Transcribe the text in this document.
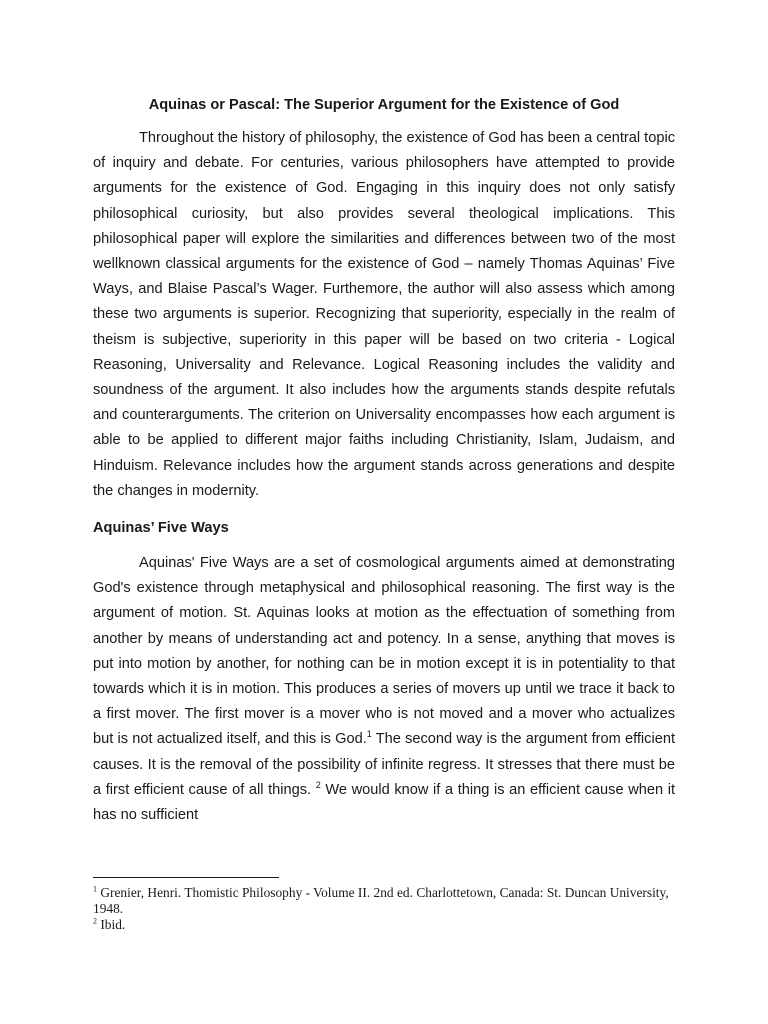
Aquinas or Pascal: The Superior Argument for the Existence of God

Throughout the history of philosophy, the existence of God has been a central topic of inquiry and debate. For centuries, various philosophers have attempted to provide arguments for the existence of God. Engaging in this inquiry does not only satisfy philosophical curiosity, but also provides several theological implications. This philosophical paper will explore the similarities and differences between two of the most wellknown classical arguments for the existence of God – namely Thomas Aquinas’ Five Ways, and Blaise Pascal’s Wager. Furthemore, the author will also assess which among these two arguments is superior. Recognizing that superiority, especially in the realm of theism is subjective, superiority in this paper will be based on two criteria - Logical Reasoning, Universality and Relevance. Logical Reasoning includes the validity and soundness of the argument. It also includes how the arguments stands despite refutals and counterarguments. The criterion on Universality encompasses how each argument is able to be applied to different major faiths including Christianity, Islam, Judaism, and Hinduism. Relevance includes how the argument stands across generations and despite the changes in modernity.

Aquinas’ Five Ways

Aquinas' Five Ways are a set of cosmological arguments aimed at demonstrating God's existence through metaphysical and philosophical reasoning. The first way is the argument of motion. St. Aquinas looks at motion as the effectuation of something from another by means of understanding act and potency. In a sense, anything that moves is put into motion by another, for nothing can be in motion except it is in potentiality to that towards which it is in motion. This produces a series of movers up until we trace it back to a first mover. The first mover is a mover who is not moved and a mover who actualizes but is not actualized itself, and this is God.$^1$ The second way is the argument from efficient causes. It is the removal of the possibility of infinite regress. It stresses that there must be a first efficient cause of all things. $^2$ We would know if a thing is an efficient cause when it has no sufficient

$^1$ Grenier, Henri. Thomistic Philosophy - Volume II. 2nd ed. Charlottetown, Canada: St. Duncan University, 1948.

$^2$ Ibid.
